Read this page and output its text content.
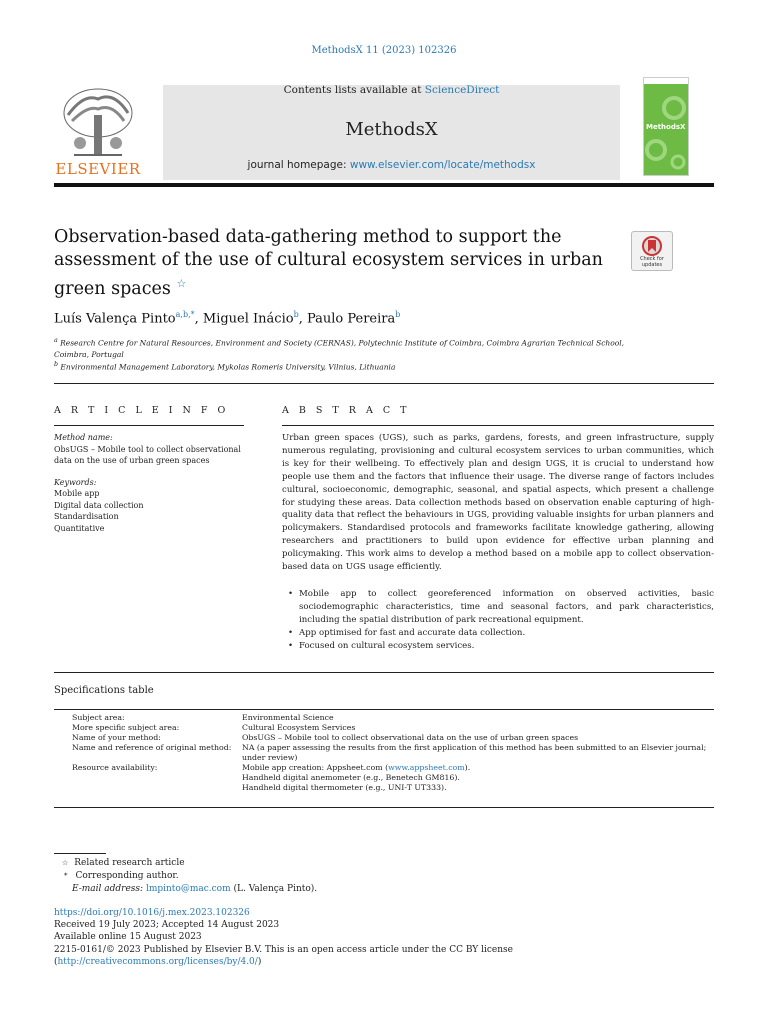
MethodsX 11 (2023) 102326
ELSEVIER
Contents lists available at ScienceDirect
MethodsX
journal homepage: www.elsevier.com/locate/methodsx
MethodsX
Observation-based data-gathering method to support the assessment of the use of cultural ecosystem services in urban green spaces ☆
Check for updates
Luís Valença Pinto$^{a,b,*}$, Miguel Inácio$^b$, Paulo Pereira$^b$
$^a$ Research Centre for Natural Resources, Environment and Society (CERNAS), Polytechnic Institute of Coimbra, Coimbra Agrarian Technical School, Coimbra, Portugal
$^b$ Environmental Management Laboratory, Mykolas Romeris University, Vilnius, Lithuania
A R T I C L E I N F O
Method name:
ObsUGS – Mobile tool to collect observational data on the use of urban green spaces
Keywords:
Mobile app
Digital data collection
Standardisation
Quantitative
A B S T R A C T
Urban green spaces (UGS), such as parks, gardens, forests, and green infrastructure, supply numerous regulating, provisioning and cultural ecosystem services to urban communities, which is key for their wellbeing. To effectively plan and design UGS, it is crucial to understand how people use them and the factors that influence their usage. The diverse range of factors includes cultural, socioeconomic, demographic, seasonal, and spatial aspects, which present a challenge for studying these areas. Data collection methods based on observation enable capturing of high-quality data that reflect the behaviours in UGS, providing valuable insights for urban planners and policymakers. Standardised protocols and frameworks facilitate knowledge gathering, allowing researchers and practitioners to build upon evidence for effective urban planning and policymaking. This work aims to develop a method based on a mobile app to collect observation-based data on UGS usage efficiently.
• Mobile app to collect georeferenced information on observed activities, basic sociodemographic characteristics, time and seasonal factors, and park characteristics, including the spatial distribution of park recreational equipment.
• App optimised for fast and accurate data collection.
• Focused on cultural ecosystem services.
Specifications table
Subject area:	Environmental Science
More specific subject area:	Cultural Ecosystem Services
Name of your method:	ObsUGS – Mobile tool to collect observational data on the use of urban green spaces
Name and reference of original method:	NA (a paper assessing the results from the first application of this method has been submitted to an Elsevier journal; under review)
Resource availability:	Mobile app creation: Appsheet.com (www.appsheet.com).
	Handheld digital anemometer (e.g., Benetech GM816).
	Handheld digital thermometer (e.g., UNI-T UT333).
☆ Related research article
* Corresponding author.
E-mail address: lmpinto@mac.com (L. Valença Pinto).
https://doi.org/10.1016/j.mex.2023.102326
Received 19 July 2023; Accepted 14 August 2023
Available online 15 August 2023
2215-0161/© 2023 Published by Elsevier B.V. This is an open access article under the CC BY license
(http://creativecommons.org/licenses/by/4.0/)
